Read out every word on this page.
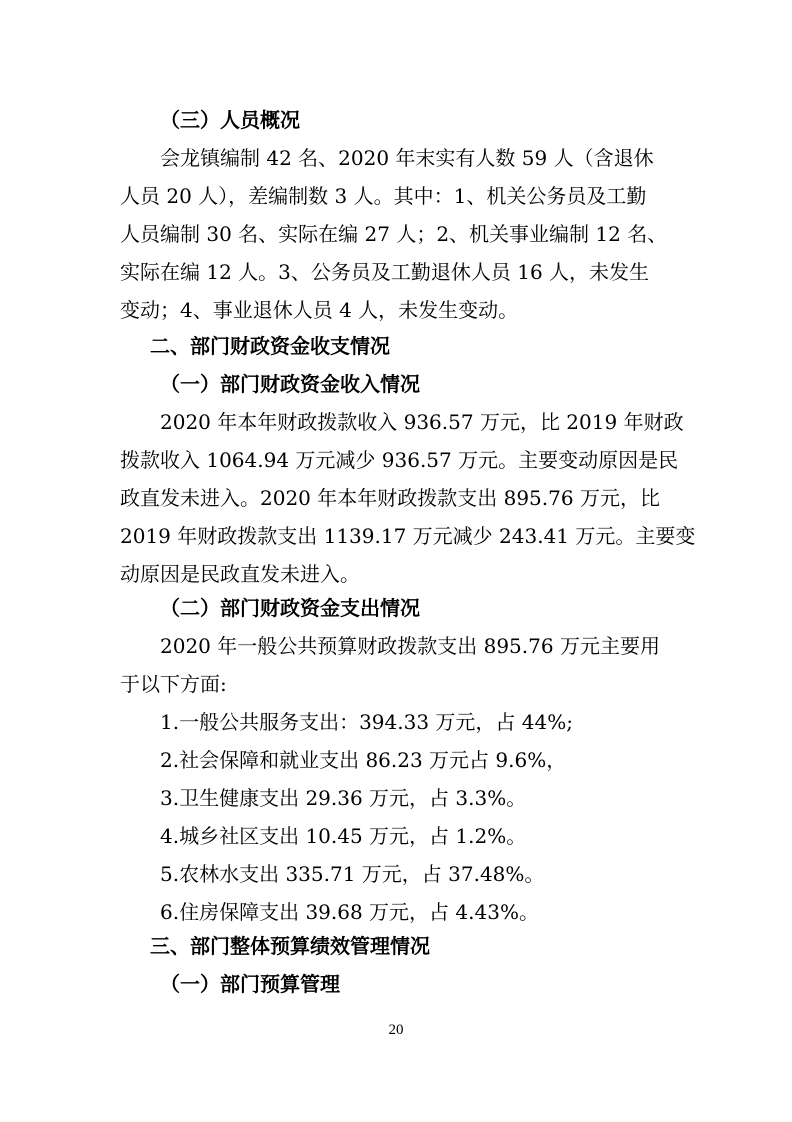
（三）人员概况
会龙镇编制 42 名、2020 年末实有人数 59 人（含退休
人员 20 人），差编制数 3 人。其中：1、机关公务员及工勤
人员编制 30 名、实际在编 27 人；2、机关事业编制 12 名、
实际在编 12 人。3、公务员及工勤退休人员 16 人，未发生
变动；4、事业退休人员 4 人，未发生变动。
二、部门财政资金收支情况
（一）部门财政资金收入情况
2020 年本年财政拨款收入 936.57 万元，比 2019 年财政
拨款收入 1064.94 万元减少 936.57 万元。主要变动原因是民
政直发未进入。2020 年本年财政拨款支出 895.76 万元，比
2019 年财政拨款支出 1139.17 万元减少 243.41 万元。主要变
动原因是民政直发未进入。
（二）部门财政资金支出情况
2020 年一般公共预算财政拨款支出 895.76 万元主要用
于以下方面:
1.一般公共服务支出：394.33 万元，占 44%;
2.社会保障和就业支出 86.23 万元占 9.6%，
3.卫生健康支出 29.36 万元，占 3.3%。
4.城乡社区支出 10.45 万元，占 1.2%。
5.农林水支出 335.71 万元，占 37.48%。
6.住房保障支出 39.68 万元，占 4.43%。
三、部门整体预算绩效管理情况
（一）部门预算管理
20
